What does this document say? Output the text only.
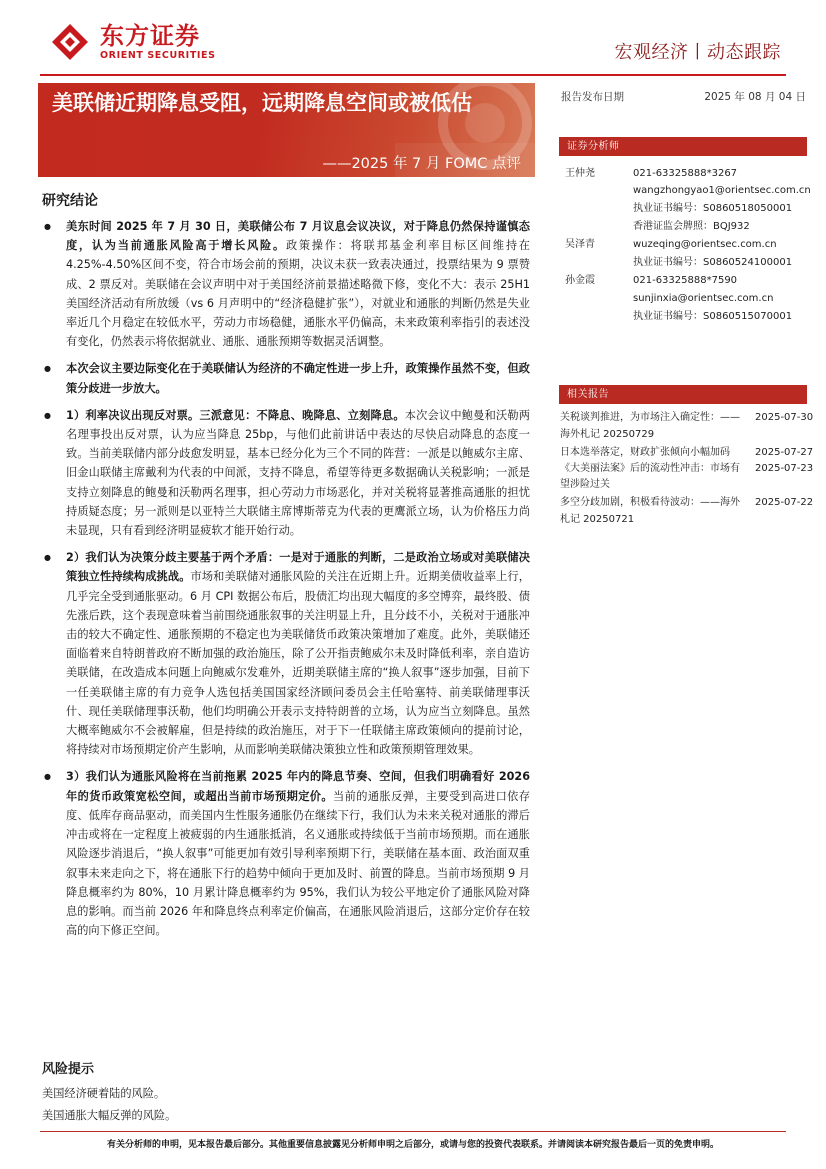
东方证券
ORIENT SECURITIES	宏观经济丨动态跟踪
美联储近期降息受阻，远期降息空间或被低估
——2025 年 7 月 FOMC 点评
报告发布日期	2025 年 08 月 04 日
证券分析师
王仲尧	021-63325888*3267
wangzhongyao1@orientsec.com.cn
执业证书编号：S0860518050001
香港证监会牌照：BQJ932
吴泽青	wuzeqing@orientsec.com.cn
执业证书编号：S0860524100001
孙金霞	021-63325888*7590
sunjinxia@orientsec.com.cn
执业证书编号：S0860515070001
相关报告
关税谈判推进，为市场注入确定性：——
海外札记 20250729
2025-07-30
日本选举落定，财政扩张倾向小幅加码	2025-07-27
《大美丽法案》后的流动性冲击：市场有
望涉险过关
2025-07-23
多空分歧加剧，积极看待波动：——海外
札记 20250721
2025-07-22
研究结论
● 美东时间 2025 年 7 月 30 日，美联储公布 7 月议息会议决议，对于降息仍然保持谨慎态度，认为当前通胀风险高于增长风险。政策操作：将联邦基金利率目标区间维持在 4.25%-4.50%区间不变，符合市场会前的预期，决议未获一致表决通过，投票结果为 9 票赞成、2 票反对。美联储在会议声明中对于美国经济前景描述略微下修，变化不大：表示 25H1 美国经济活动有所放缓（vs 6 月声明中的“经济稳健扩张”），对就业和通胀的判断仍然是失业率近几个月稳定在较低水平，劳动力市场稳健，通胀水平仍偏高，未来政策利率指引的表述没有变化，仍然表示将依据就业、通胀、通胀预期等数据灵活调整。
● 本次会议主要边际变化在于美联储认为经济的不确定性进一步上升，政策操作虽然不变，但政策分歧进一步放大。
● 1）利率决议出现反对票。三派意见：不降息、晚降息、立刻降息。本次会议中鲍曼和沃勒两名理事投出反对票，认为应当降息 25bp，与他们此前讲话中表达的尽快启动降息的态度一致。当前美联储内部分歧愈发明显，基本已经分化为三个不同的阵营：一派是以鲍威尔主席、旧金山联储主席戴利为代表的中间派，支持不降息，希望等待更多数据确认关税影响；一派是支持立刻降息的鲍曼和沃勒两名理事，担心劳动力市场恶化，并对关税将显著推高通胀的担忧持质疑态度；另一派则是以亚特兰大联储主席博斯蒂克为代表的更鹰派立场，认为价格压力尚未显现，只有看到经济明显疲软才能开始行动。
● 2）我们认为决策分歧主要基于两个矛盾：一是对于通胀的判断，二是政治立场或对美联储决策独立性持续构成挑战。市场和美联储对通胀风险的关注在近期上升。近期美债收益率上行，几乎完全受到通胀驱动。6 月 CPI 数据公布后，股债汇均出现大幅度的多空博弈，最终股、债先涨后跌，这个表现意味着当前围绕通胀叙事的关注明显上升，且分歧不小，关税对于通胀冲击的较大不确定性、通胀预期的不稳定也为美联储货币政策决策增加了难度。此外，美联储还面临着来自特朗普政府不断加强的政治施压，除了公开指责鲍威尔未及时降低利率，亲自造访美联储，在改造成本问题上向鲍威尔发难外，近期美联储主席的“换人叙事”逐步加强，目前下一任美联储主席的有力竞争人选包括美国国家经济顾问委员会主任哈塞特、前美联储理事沃什、现任美联储理事沃勒，他们均明确公开表示支持特朗普的立场，认为应当立刻降息。虽然大概率鲍威尔不会被解雇，但是持续的政治施压，对于下一任联储主席政策倾向的提前讨论，将持续对市场预期定价产生影响，从而影响美联储决策独立性和政策预期管理效果。
● 3）我们认为通胀风险将在当前拖累 2025 年内的降息节奏、空间，但我们明确看好 2026 年的货币政策宽松空间，或超出当前市场预期定价。当前的通胀反弹，主要受到高进口依存度、低库存商品驱动，而美国内生性服务通胀仍在继续下行，我们认为未来关税对通胀的滞后冲击或将在一定程度上被疲弱的内生通胀抵消，名义通胀或持续低于当前市场预期。而在通胀风险逐步消退后，“换人叙事”可能更加有效引导利率预期下行，美联储在基本面、政治面双重叙事未来走向之下，将在通胀下行的趋势中倾向于更加及时、前置的降息。当前市场预期 9 月降息概率约为 80%，10 月累计降息概率约为 95%，我们认为较公平地定价了通胀风险对降息的影响。而当前 2026 年和降息终点利率定价偏高，在通胀风险消退后，这部分定价存在较高的向下修正空间。
风险提示
美国经济硬着陆的风险。
美国通胀大幅反弹的风险。
有关分析师的申明，见本报告最后部分。其他重要信息披露见分析师申明之后部分，或请与您的投资代表联系。并请阅读本研究报告最后一页的免责申明。
